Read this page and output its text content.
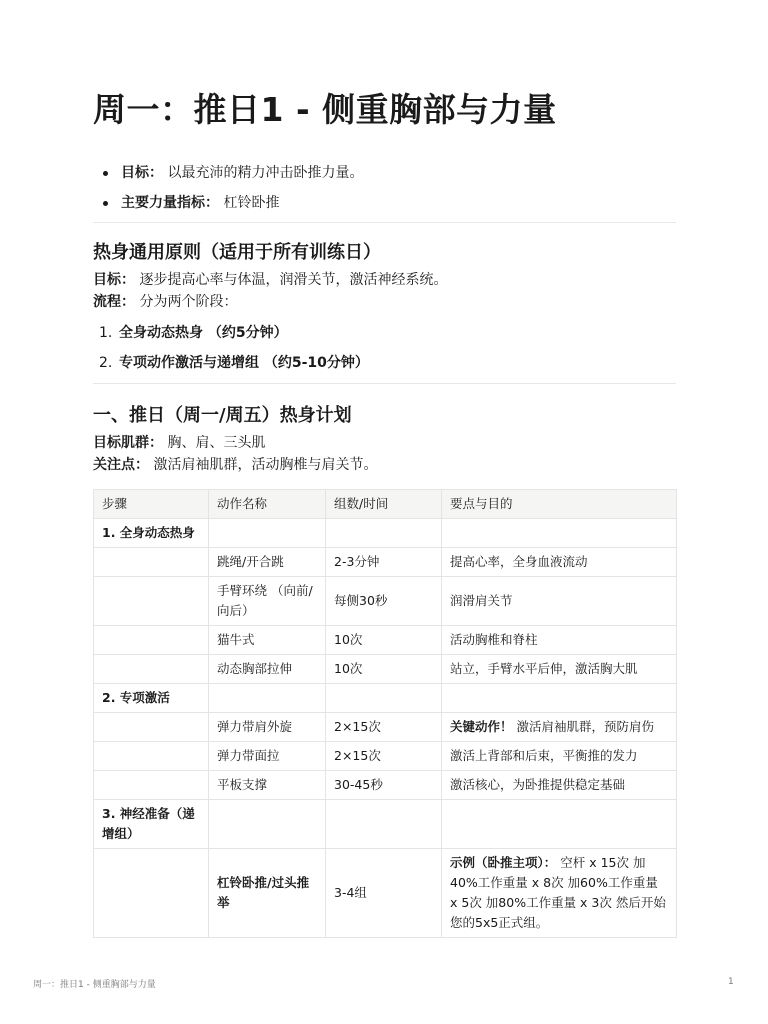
周一：推日1 - 侧重胸部与力量
目标： 以最充沛的精力冲击卧推力量。
主要力量指标： 杠铃卧推
热身通用原则（适用于所有训练日）
目标： 逐步提高心率与体温，润滑关节，激活神经系统。
流程： 分为两个阶段：
1. 全身动态热身 （约5分钟）
2. 专项动作激活与递增组 （约5-10分钟）
一、推日（周一/周五）热身计划
目标肌群： 胸、肩、三头肌
关注点： 激活肩袖肌群，活动胸椎与肩关节。
步骤	动作名称	组数/时间	要点与目的
1. 全身动态热身			
	跳绳/开合跳	2-3分钟	提高心率，全身血液流动
	手臂环绕 （向前/向后）	每侧30秒	润滑肩关节
	猫牛式	10次	活动胸椎和脊柱
	动态胸部拉伸	10次	站立，手臂水平后伸，激活胸大肌
2. 专项激活			
	弹力带肩外旋	2×15次	关键动作！ 激活肩袖肌群，预防肩伤
	弹力带面拉	2×15次	激活上背部和后束，平衡推的发力
	平板支撑	30-45秒	激活核心，为卧推提供稳定基础
3. 神经准备（递增组）			
	杠铃卧推/过头推举	3-4组	示例（卧推主项）： 空杆 x 15次 加40%工作重量 x 8次 加60%工作重量 x 5次 加80%工作重量 x 3次 然后开始您的5x5正式组。
周一：推日1 - 侧重胸部与力量	1
